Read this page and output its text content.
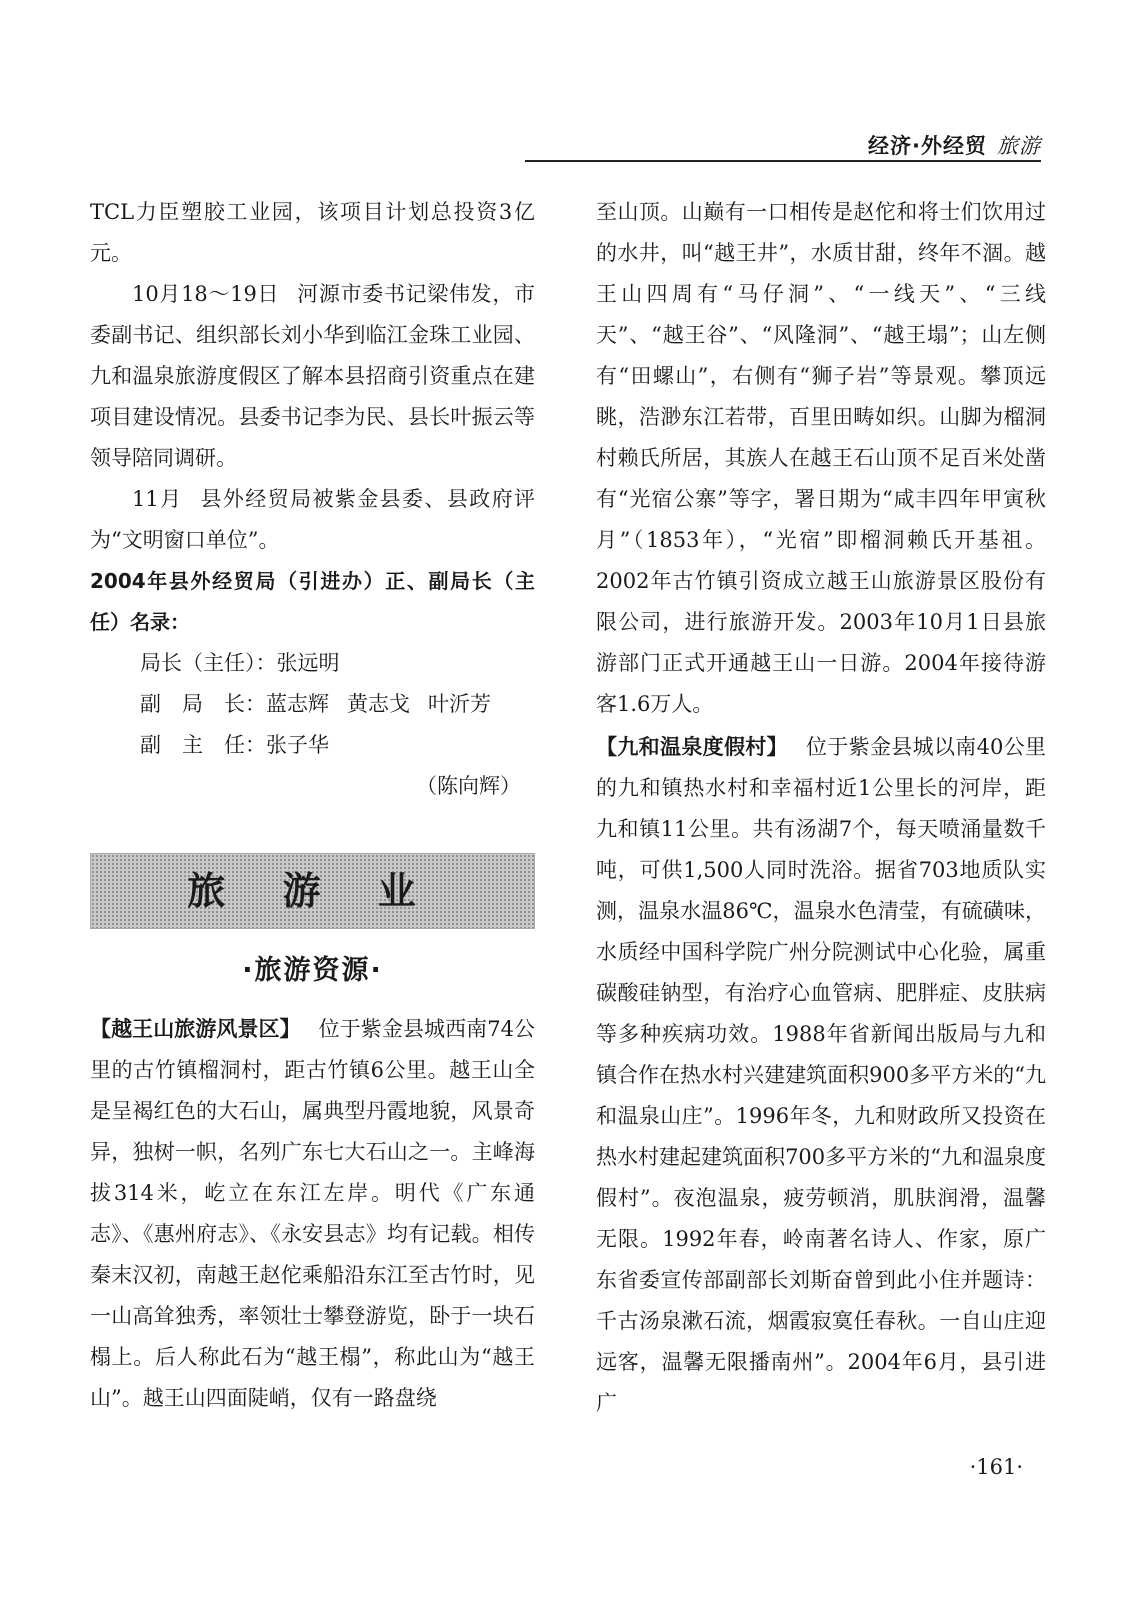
经济·外经贸 旅游

TCL力臣塑胶工业园，该项目计划总投资3亿元。

10月18～19日 河源市委书记梁伟发，市委副书记、组织部长刘小华到临江金珠工业园、九和温泉旅游度假区了解本县招商引资重点在建项目建设情况。县委书记李为民、县长叶振云等领导陪同调研。

11月 县外经贸局被紫金县委、县政府评为“文明窗口单位”。

2004年县外经贸局（引进办）正、副局长（主任）名录：

局长（主任）：张远明

副　局　长：蓝志辉 黄志戈 叶沂芳

副　主　任：张子华

（陈向辉）

旅 游 业
·旅游资源·

【越王山旅游风景区】 位于紫金县城西南74公里的古竹镇榴洞村，距古竹镇6公里。越王山全是呈褐红色的大石山，属典型丹霞地貌，风景奇异，独树一帜，名列广东七大石山之一。主峰海拔314米，屹立在东江左岸。明代《广东通志》、《惠州府志》、《永安县志》均有记载。相传秦末汉初，南越王赵佗乘船沿东江至古竹时，见一山高耸独秀，率领壮士攀登游览，卧于一块石榻上。后人称此石为“越王榻”，称此山为“越王山”。越王山四面陡峭，仅有一路盘绕

至山顶。山巅有一口相传是赵佗和将士们饮用过的水井，叫“越王井”，水质甘甜，终年不涸。越王山四周有“马仔洞”、“一线天”、“三线天”、“越王谷”、“风隆洞”、“越王塌”；山左侧有“田螺山”，右侧有“狮子岩”等景观。攀顶远眺，浩渺东江若带，百里田畴如织。山脚为榴洞村赖氏所居，其族人在越王石山顶不足百米处凿有“光宿公寨”等字，署日期为“咸丰四年甲寅秋月”（1853年），“光宿”即榴洞赖氏开基祖。2002年古竹镇引资成立越王山旅游景区股份有限公司，进行旅游开发。2003年10月1日县旅游部门正式开通越王山一日游。2004年接待游客1.6万人。

【九和温泉度假村】 位于紫金县城以南40公里的九和镇热水村和幸福村近1公里长的河岸，距九和镇11公里。共有汤湖7个，每天喷涌量数千吨，可供1,500人同时洗浴。据省703地质队实测，温泉水温86℃，温泉水色清莹，有硫磺味，水质经中国科学院广州分院测试中心化验，属重碳酸硅钠型，有治疗心血管病、肥胖症、皮肤病等多种疾病功效。1988年省新闻出版局与九和镇合作在热水村兴建建筑面积900多平方米的“九和温泉山庄”。1996年冬，九和财政所又投资在热水村建起建筑面积700多平方米的“九和温泉度假村”。夜泡温泉，疲劳顿消，肌肤润滑，温馨无限。1992年春，岭南著名诗人、作家，原广东省委宣传部副部长刘斯奋曾到此小住并题诗：千古汤泉漱石流，烟霞寂寞任春秋。一自山庄迎远客，温馨无限播南州”。2004年6月，县引进广

·161·
